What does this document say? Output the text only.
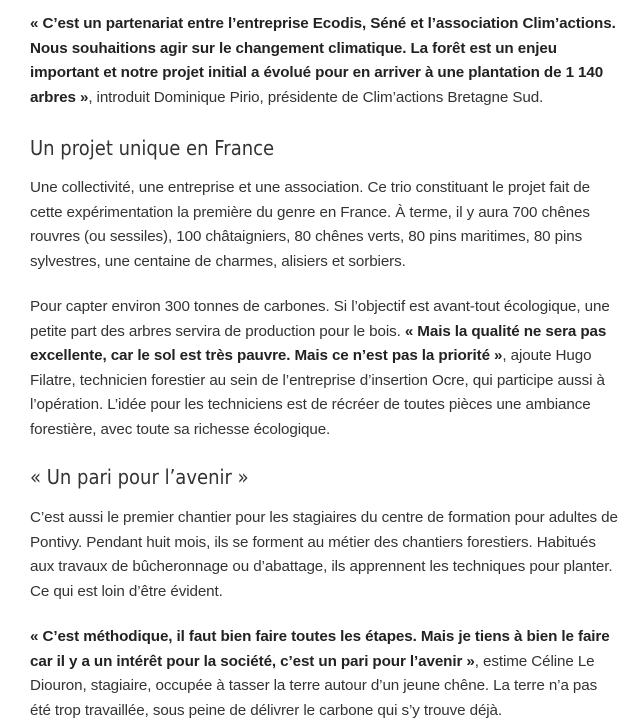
« C’est un partenariat entre l’entreprise Ecodis, Séné et l’association Clim’actions. Nous souhaitions agir sur le changement climatique. La forêt est un enjeu important et notre projet initial a évolué pour en arriver à une plantation de 1 140 arbres », introduit Dominique Pirio, présidente de Clim’actions Bretagne Sud.

Un projet unique en France

Une collectivité, une entreprise et une association. Ce trio constituant le projet fait de cette expérimentation la première du genre en France. À terme, il y aura 700 chênes rouvres (ou sessiles), 100 châtaigniers, 80 chênes verts, 80 pins maritimes, 80 pins sylvestres, une centaine de charmes, alisiers et sorbiers.

Pour capter environ 300 tonnes de carbones. Si l’objectif est avant-tout écologique, une petite part des arbres servira de production pour le bois. « Mais la qualité ne sera pas excellente, car le sol est très pauvre. Mais ce n’est pas la priorité », ajoute Hugo Filatre, technicien forestier au sein de l’entreprise d’insertion Ocre, qui participe aussi à l’opération. L’idée pour les techniciens est de récréer de toutes pièces une ambiance forestière, avec toute sa richesse écologique.

« Un pari pour l’avenir »

C’est aussi le premier chantier pour les stagiaires du centre de formation pour adultes de Pontivy. Pendant huit mois, ils se forment au métier des chantiers forestiers. Habitués aux travaux de bûcheronnage ou d’abattage, ils apprennent les techniques pour planter. Ce qui est loin d’être évident.

« C’est méthodique, il faut bien faire toutes les étapes. Mais je tiens à bien le faire car il y a un intérêt pour la société, c’est un pari pour l’avenir », estime Céline Le Diouron, stagiaire, occupée à tasser la terre autour d’un jeune chêne. La terre n’a pas été trop travaillée, sous peine de délivrer le carbone qui s’y trouve déjà.
